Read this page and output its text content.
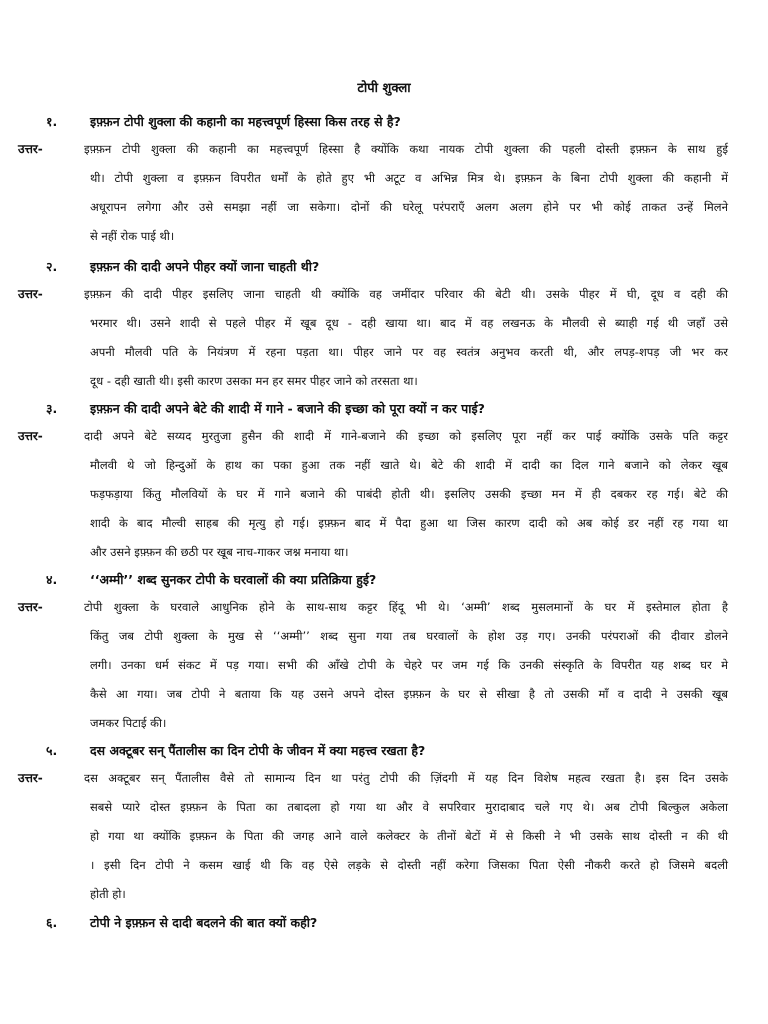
टोपी शुक्ला
१.	इफ़्फ़न टोपी शुक्ला की कहानी का महत्त्वपूर्ण हिस्सा किस तरह से है?
उत्तर-	इफ़्फ़न टोपी शुक्ला की कहानी का महत्त्वपूर्ण हिस्सा है क्योंकि कथा नायक टोपी शुक्ला की पहली दोस्ती इफ़्फ़न के साथ हुई
थी। टोपी शुक्ला व इफ़्फ़न विपरीत धर्मों के होते हुए भी अटूट व अभिन्न मित्र थे। इफ़्फ़न के बिना टोपी शुक्ला की कहानी में
अधूरापन लगेगा और उसे समझा नहीं जा सकेगा। दोनों की घरेलू परंपराएँ अलग अलग होने पर भी कोई ताकत उन्हें मिलने
से नहीं रोक पाई थी।
२.	इफ़्फ़न की दादी अपने पीहर क्यों जाना चाहती थी?
उत्तर-	इफ़्फ़न की दादी पीहर इसलिए जाना चाहती थी क्योंकि वह जमींदार परिवार की बेटी थी। उसके पीहर में घी, दूध व दही की
भरमार थी। उसने शादी से पहले पीहर में खूब दूध - दही खाया था। बाद में वह लखनऊ के मौलवी से ब्याही गई थी जहाँ उसे
अपनी मौलवी पति के नियंत्रण में रहना पड़ता था। पीहर जाने पर वह स्वतंत्र अनुभव करती थी, और लपड़-शपड़ जी भर कर
दूध - दही खाती थी। इसी कारण उसका मन हर समर पीहर जाने को तरसता था।
३.	इफ़्फ़न की दादी अपने बेटे की शादी में गाने - बजाने की इच्छा को पूरा क्यों न कर पाई?
उत्तर-	दादी अपने बेटे सय्यद मुरतुजा हुसैन की शादी में गाने-बजाने की इच्छा को इसलिए पूरा नहीं कर पाई क्योंकि उसके पति कट्टर
मौलवी थे जो हिन्दुओं के हाथ का पका हुआ तक नहीं खाते थे। बेटे की शादी में दादी का दिल गाने बजाने को लेकर खूब
फड़फड़ाया किंतु मौलवियों के घर में गाने बजाने की पाबंदी होती थी। इसलिए उसकी इच्छा मन में ही दबकर रह गई। बेटे की
शादी के बाद मौल्वी साहब की मृत्यु हो गई। इफ़्फ़न बाद में पैदा हुआ था जिस कारण दादी को अब कोई डर नहीं रह गया था
और उसने इफ़्फ़न की छठी पर खूब नाच-गाकर जश्न मनाया था।
४.	‘‘अम्मी’’ शब्द सुनकर टोपी के घरवालों की क्या प्रतिक्रिया हुई?
उत्तर-	टोपी शुक्ला के घरवाले आधुनिक होने के साथ-साथ कट्टर हिंदू भी थे। ‘अम्मी’ शब्द मुसलमानों के घर में इस्तेमाल होता है
किंतु जब टोपी शुक्ला के मुख से ‘‘अम्मी’’ शब्द सुना गया तब घरवालों के होश उड़ गए। उनकी परंपराओं की दीवार डोलने
लगी। उनका धर्म संकट में पड़ गया। सभी की आँखे टोपी के चेहरे पर जम गई कि उनकी संस्कृति के विपरीत यह शब्द घर मे
कैसे आ गया। जब टोपी ने बताया कि यह उसने अपने दोस्त इफ़्फ़न के घर से सीखा है तो उसकी माँ व दादी ने उसकी खूब
जमकर पिटाई की।
५.	दस अक्टूबर सन् पैंतालीस का दिन टोपी के जीवन में क्या महत्त्व रखता है?
उत्तर-	दस अक्टूबर सन् पैंतालीस वैसे तो सामान्य दिन था परंतु टोपी की ज़िंदगी में यह दिन विशेष महत्व रखता है। इस दिन उसके
सबसे प्यारे दोस्त इफ़्फ़न के पिता का तबादला हो गया था और वे सपरिवार मुरादाबाद चले गए थे। अब टोपी बिल्कुल अकेला
हो गया था क्योंकि इफ़्फ़न के पिता की जगह आने वाले कलेक्टर के तीनों बेटों में से किसी ने भी उसके साथ दोस्ती न की थी
। इसी दिन टोपी ने कसम खाई थी कि वह ऐसे लड़के से दोस्ती नहीं करेगा जिसका पिता ऐसी नौकरी करते हो जिसमे बदली
होती हो।
६.	टोपी ने इफ़्फ़न से दादी बदलने की बात क्यों कही?
